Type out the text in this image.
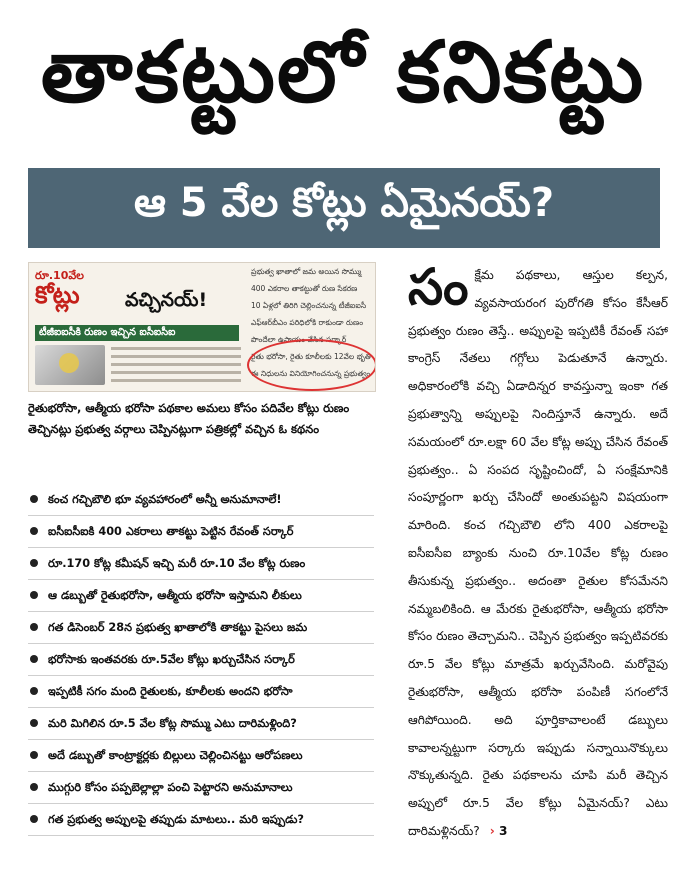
తాకట్టులో కనికట్టు
ఆ 5 వేల కోట్లు ఏమైనయ్?
రూ.10వేల
కోట్లు వచ్చినయ్!
టీజీఐఐసీకి రుణం ఇచ్చిన ఐసీఐసీఐ
ప్రభుత్వ ఖాతాలో జమ అయిన సొమ్ము
400 ఎకరాల తాకట్టుతో రుణ సేకరణ
10 ఏళ్లలో తిరిగి చెల్లించనున్న టీజీఐఐసీ
ఎఫ్‌ఆర్‌బీఎం పరిధిలోకి రాకుండా రుణం
పొందేలా ఉపాయం చేసిన సర్కార్
రైతు భరోసా, రైతు కూలీలకు 12వేల భృతి
ఈ నిధులను వినియోగించనున్న ప్రభుత్వం
రైతుభరోసా, ఆత్మీయ భరోసా పథకాల అమలు కోసం పదివేల కోట్లు రుణం తెచ్చినట్లు ప్రభుత్వ వర్గాలు చెప్పినట్లుగా పత్రికల్లో వచ్చిన ఓ కథనం
కంచ గచ్చిబౌలి భూ వ్యవహారంలో అన్నీ అనుమానాలే!
ఐసీఐసీఐకి 400 ఎకరాలు తాకట్టు పెట్టిన రేవంత్ సర్కార్
రూ.170 కోట్ల కమీషన్ ఇచ్చి మరీ రూ.10 వేల కోట్ల రుణం
ఆ డబ్బుతో రైతుభరోసా, ఆత్మీయ భరోసా ఇస్తామని లీకులు
గత డిసెంబర్ 28న ప్రభుత్వ ఖాతాలోకి తాకట్టు పైసలు జమ
భరోసాకు ఇంతవరకు రూ.5వేల కోట్లు ఖర్చుచేసిన సర్కార్
ఇప్పటికీ సగం మంది రైతులకు, కూలీలకు అందని భరోసా
మరి మిగిలిన రూ.5 వేల కోట్ల సొమ్ము ఎటు దారిమళ్లింది?
అదే డబ్బుతో కాంట్రాక్టర్లకు బిల్లులు చెల్లించినట్టు ఆరోపణలు
ముగ్గురి కోసం పప్పబెల్లాల్లా పంచి పెట్టారని అనుమానాలు
గత ప్రభుత్వ అప్పులపై తప్పుడు మాటలు.. మరి ఇప్పుడు?
సంక్షేమ పథకాలు, ఆస్తుల కల్పన, వ్యవసాయరంగ పురోగతి కోసం కేసీఆర్ ప్రభుత్వం రుణం తెస్తే.. అప్పులపై ఇప్పటికీ రేవంత్ సహా కాంగ్రెస్ నేతలు గగ్గోలు పెడుతూనే ఉన్నారు. అధికారంలోకి వచ్చి ఏడాదిన్నర కావస్తున్నా ఇంకా గత ప్రభుత్వాన్ని అప్పులపై నిందిస్తూనే ఉన్నారు. అదే సమయంలో రూ.లక్షా 60 వేల కోట్ల అప్పు చేసిన రేవంత్ ప్రభుత్వం.. ఏ సంపద సృష్టించిందో, ఏ సంక్షేమానికి సంపూర్ణంగా ఖర్చు చేసిందో అంతుపట్టని విషయంగా మారింది. కంచ గచ్చిబౌలి లోని 400 ఎకరాలపై ఐసీఐసీఐ బ్యాంకు నుంచి రూ.10వేల కోట్ల రుణం తీసుకున్న ప్రభుత్వం.. అదంతా రైతుల కోసమేనని నమ్మబలికింది. ఆ మేరకు రైతుభరోసా, ఆత్మీయ భరోసా కోసం రుణం తెచ్చామని.. చెప్పిన ప్రభుత్వం ఇప్పటివరకు రూ.5 వేల కోట్లు మాత్రమే ఖర్చువేసింది. మరోవైపు రైతుభరోసా, ఆత్మీయ భరోసా పంపిణీ సగంలోనే ఆగిపోయింది. అది పూర్తికావాలంటే డబ్బులు కావాలన్నట్టుగా సర్కారు ఇప్పుడు సన్నాయినొక్కులు నొక్కుతున్నది. రైతు పథకాలను చూపి మరీ తెచ్చిన అప్పులో రూ.5 వేల కోట్లు ఏమైనయ్? ఎటు దారిమళ్లినయ్? › 3
